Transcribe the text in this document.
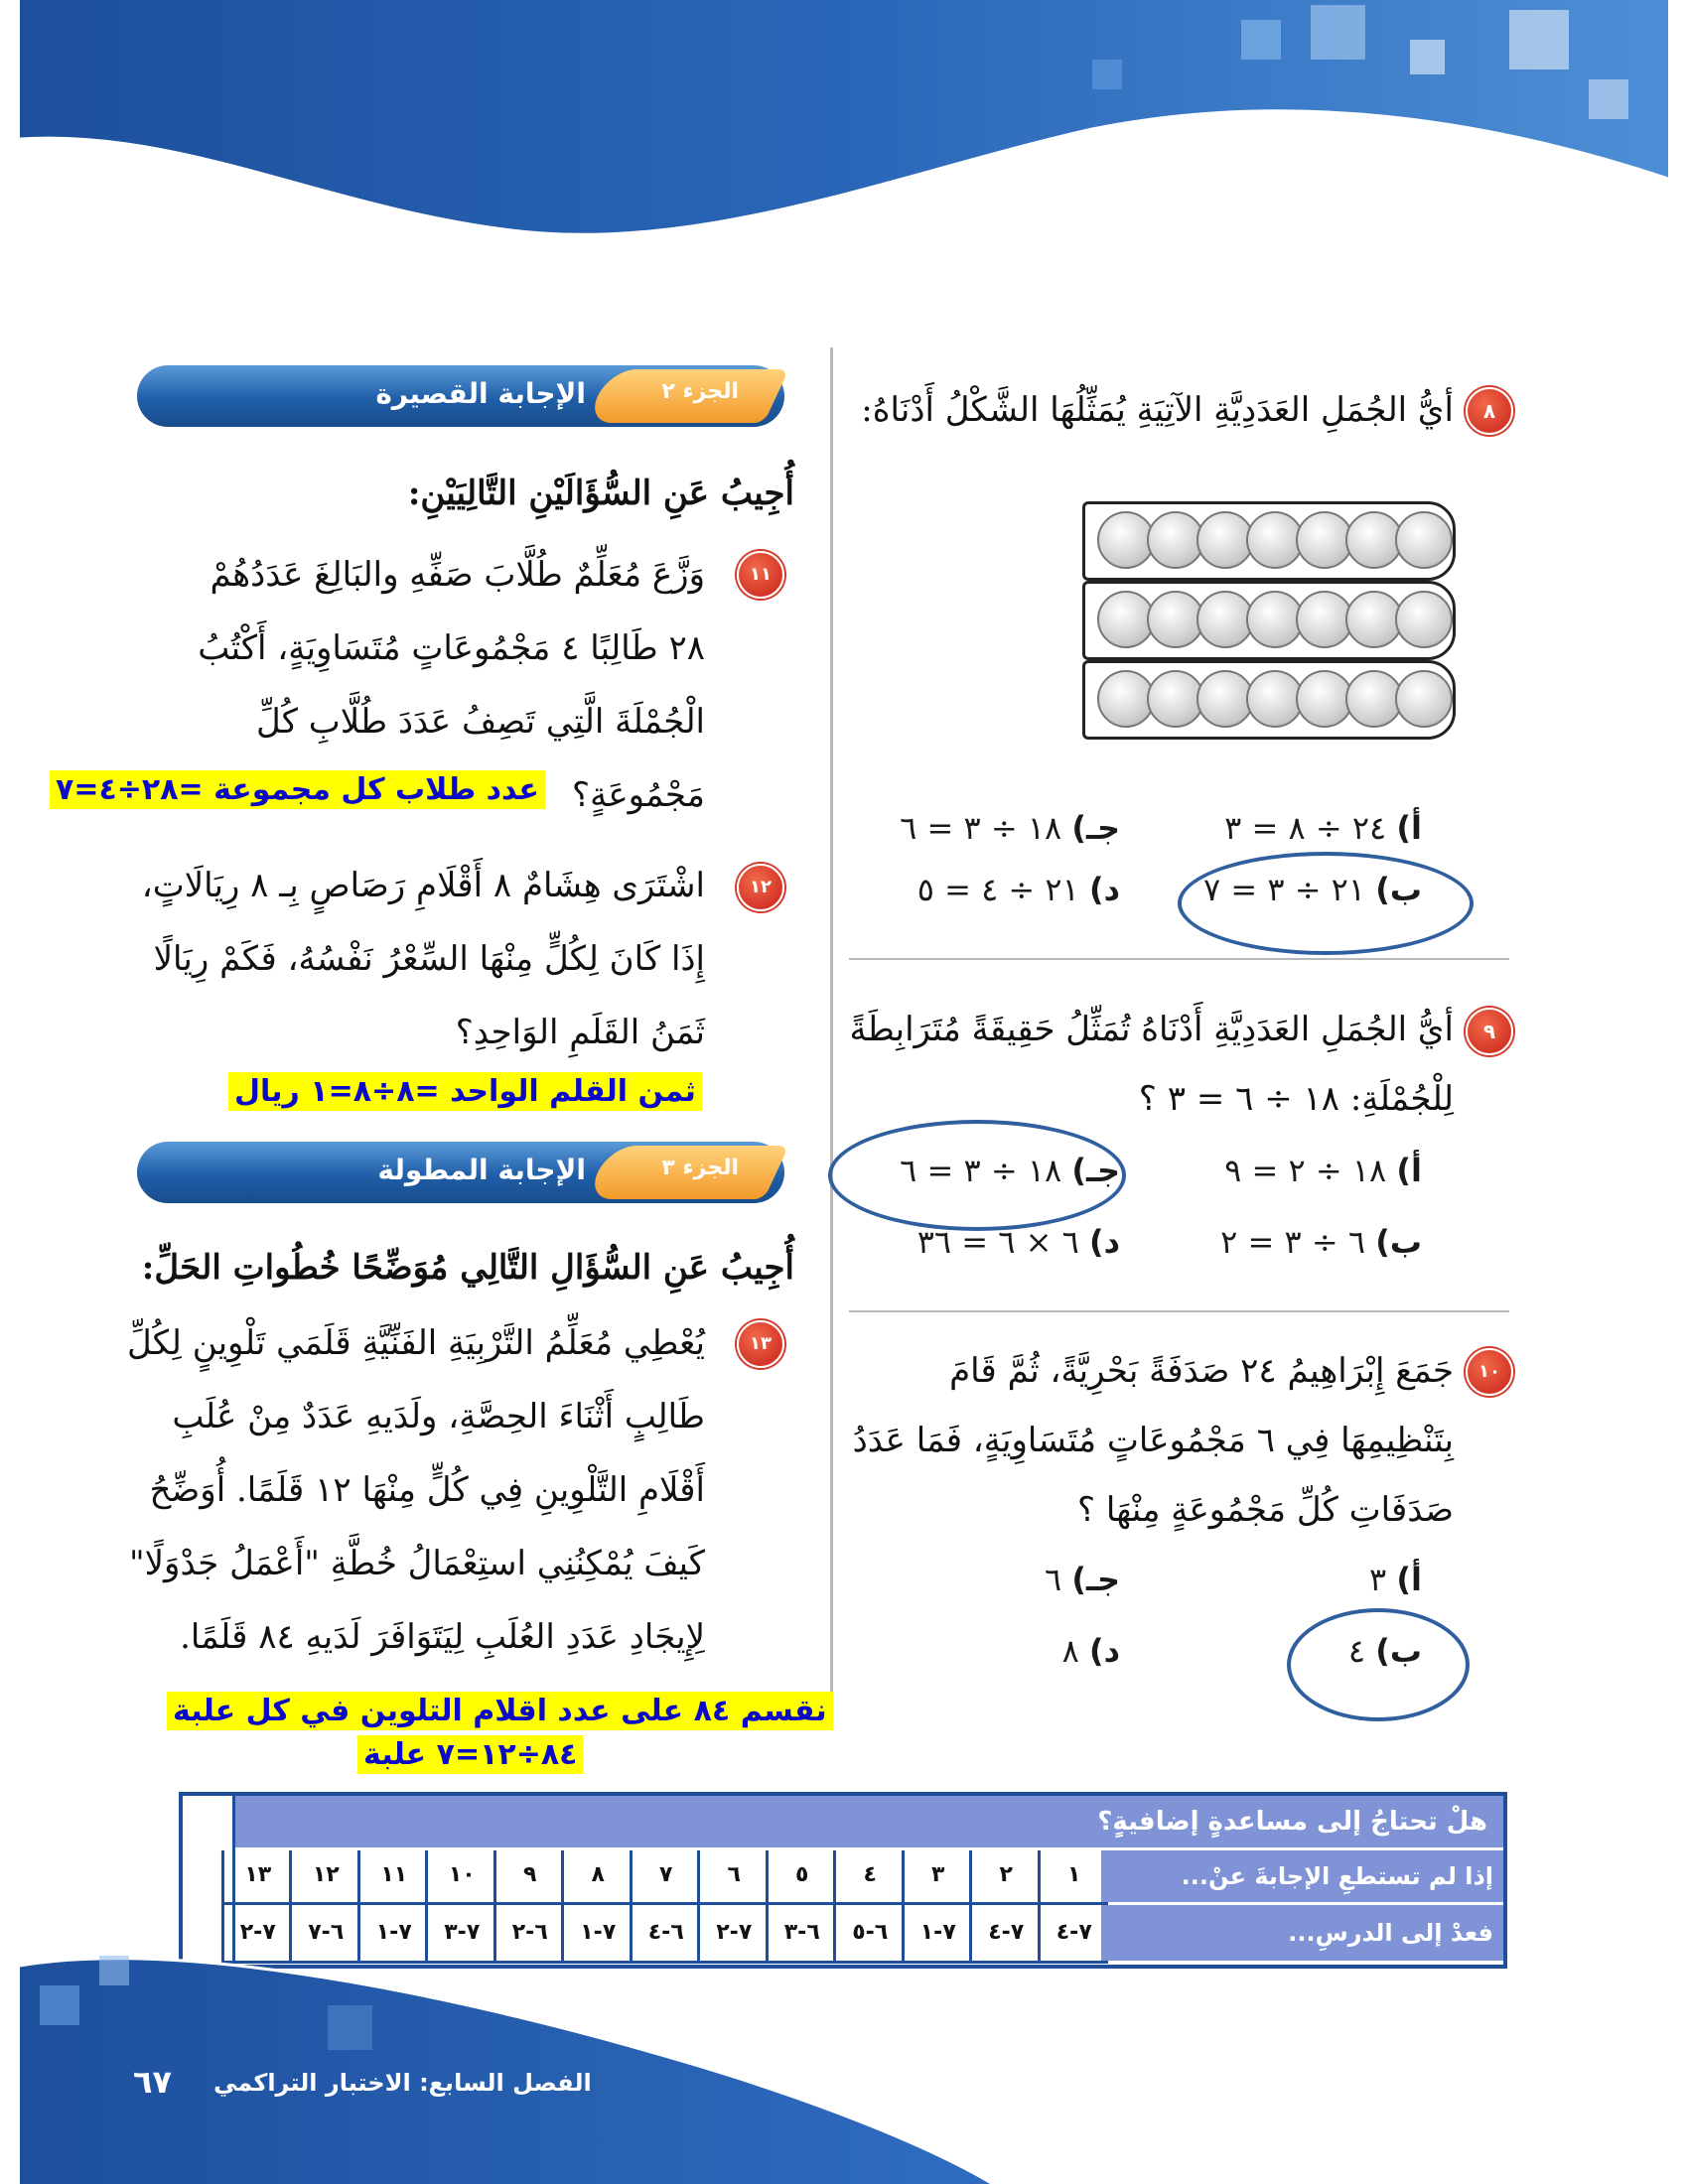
٨
أيُّ الجُمَلِ العَدَدِيَّةِ الآتِيَةِ يُمَثِّلُهَا الشَّكْلُ أَدْنَاهُ:
أ) ٢٤ ÷ ٨ = ٣
جـ) ١٨ ÷ ٣ = ٦
ب) ٢١ ÷ ٣ = ٧
د) ٢١ ÷ ٤ = ٥
٩
أيُّ الجُمَلِ العَدَدِيَّةِ أَدْنَاهُ تُمَثِّلُ حَقِيقَةً مُتَرَابِطَةً
لِلْجُمْلَةِ: ١٨ ÷ ٦ = ٣ ؟
أ) ١٨ ÷ ٢ = ٩
جـ) ١٨ ÷ ٣ = ٦
ب) ٦ ÷ ٣ = ٢
د) ٦ × ٦ = ٣٦
١٠
جَمَعَ إِبْرَاهِيمُ ٢٤ صَدَفَةً بَحْرِيَّةً، ثُمَّ قَامَ
بِتَنْظِيمِهَا فِي ٦ مَجْمُوعَاتٍ مُتَسَاوِيَةٍ، فَمَا عَدَدُ
صَدَفَاتِ كُلِّ مَجْمُوعَةٍ مِنْهَا ؟
أ) ٣
جـ) ٦
ب) ٤
د) ٨
الجزء ٢
الإجابة القصيرة
أُجِيبُ عَنِ السُّؤَالَيْنِ التَّالِيَيْنِ:
١١
وَزَّعَ مُعَلِّمٌ طُلَّابَ صَفِّهِ والبَالِغَ عَدَدُهُمْ
٢٨ طَالِبًا ٤ مَجْمُوعَاتٍ مُتَسَاوِيَةٍ، أَكْتُبُ
الْجُمْلَةَ الَّتِي تَصِفُ عَدَدَ طُلَّابِ كُلِّ
مَجْمُوعَةٍ؟
عدد طلاب كل مجموعة =٢٨÷٤=٧
١٢
اشْتَرَى هِشَامٌ ٨ أَقْلَامِ رَصَاصٍ بِـ ٨ رِيَالَاتٍ،
إِذَا كَانَ لِكُلٍّ مِنْهَا السِّعْرُ نَفْسُهُ، فَكَمْ رِيَالًا
ثَمَنُ القَلَمِ الوَاحِدِ؟
ثمن القلم الواحد =٨÷٨=١ ريال
الجزء ٣
الإجابة المطولة
أُجِيبُ عَنِ السُّؤَالِ التَّالِي مُوَضِّحًا خُطُواتِ الحَلِّ:
١٣
يُعْطِي مُعَلِّمُ التَّرْبِيَةِ الفَنِّيَّةِ قَلَمَي تَلْوِينٍ لِكُلِّ
طَالِبٍ أَثْنَاءَ الحِصَّةِ، ولَدَيهِ عَدَدٌ مِنْ عُلَبِ
أَقْلَامِ التَّلْوِينِ فِي كُلٍّ مِنْهَا ١٢ قَلَمًا. أُوَضِّحُ
كَيفَ يُمْكِنُنِي استِعْمَالُ خُطَّةِ "أَعْمَلُ جَدْوَلًا"
لِإِيجَادِ عَدَدِ العُلَبِ لِيَتَوَافَرَ لَدَيهِ ٨٤ قَلَمًا.
نقسم ٨٤ على عدد اقلام التلوين في كل علبة
٨٤÷١٢=٧ علبة
هلْ تحتاجُ إلى مساعدةٍ إضافيةٍ؟
إذا لم تستطعِ الإجابةَ عنْ...
فعدْ إلى الدرسِ...
١
٧-٤
٢
٧-٤
٣
٧-١
٤
٦-٥
٥
٦-٣
٦
٧-٢
٧
٦-٤
٨
٧-١
٩
٦-٢
١٠
٧-٣
١١
٧-١
١٢
٦-٧
١٣
٧-٢
٦٧	الفصل السابع: الاختبار التراكمي
